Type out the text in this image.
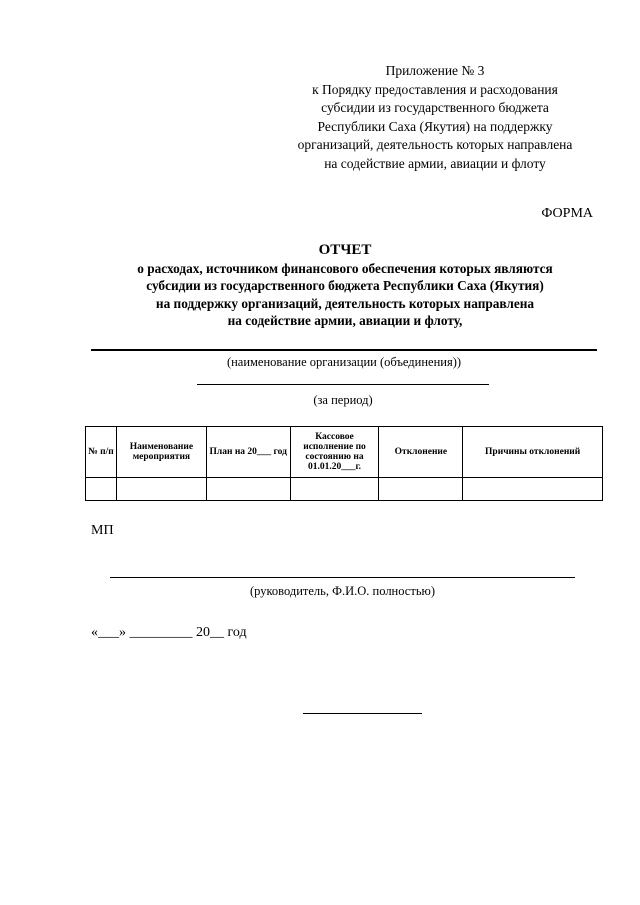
Приложение № 3
к Порядку предоставления и расходования
субсидии из государственного бюджета
Республики Саха (Якутия) на поддержку
организаций, деятельность которых направлена
на содействие армии, авиации и флоту
ФОРМА
ОТЧЕТ
о расходах, источником финансового обеспечения которых являются
субсидии из государственного бюджета Республики Саха (Якутия)
на поддержку организаций, деятельность которых направлена
на содействие армии, авиации и флоту,
(наименование организации (объединения))
(за период)
№ п/п	Наименование мероприятия	План на 20___ год	Кассовое исполнение по состоянию на 01.01.20___г.	Отклонение	Причины отклонений

МП
(руководитель, Ф.И.О. полностью)
«___» _________ 20__ год
